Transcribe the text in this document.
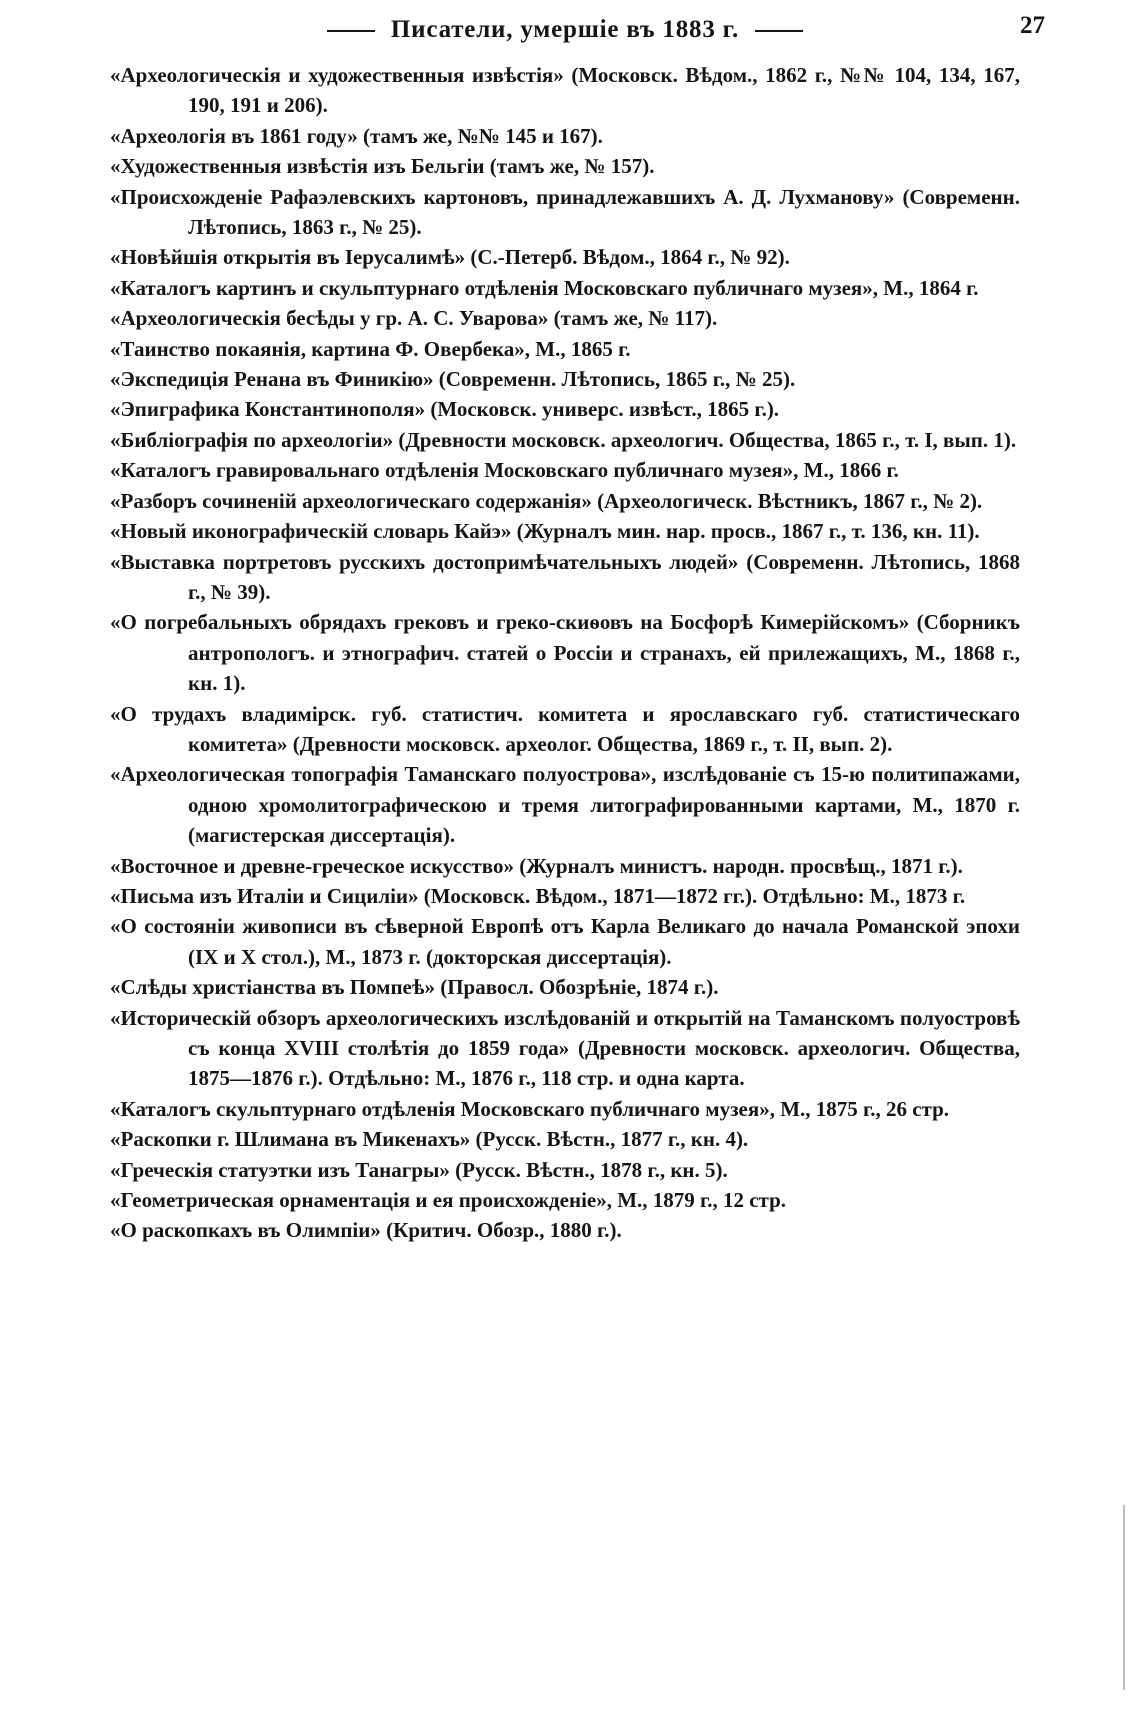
Писатели, умершіе въ 1883 г.	27

«Археологическія и художественныя извѣстія» (Московск. Вѣдом., 1862 г., №№ 104, 134, 167, 190, 191 и 206).

«Археологія въ 1861 году» (тамъ же, №№ 145 и 167).

«Художественныя извѣстія изъ Бельгіи (тамъ же, № 157).

«Происхожденіе Рафаэлевскихъ картоновъ, принадлежавшихъ А. Д. Лухманову» (Современн. Лѣтопись, 1863 г., № 25).

«Новѣйшія открытія въ Іерусалимѣ» (С.-Петерб. Вѣдом., 1864 г., № 92).

«Каталогъ картинъ и скульптурнаго отдѣленія Московскаго публичнаго музея», М., 1864 г.

«Археологическія бесѣды у гр. А. С. Уварова» (тамъ же, № 117).

«Таинство покаянія, картина Ф. Овербека», М., 1865 г.

«Экспедиція Ренана въ Финикію» (Современн. Лѣтопись, 1865 г., № 25).

«Эпиграфика Константинополя» (Московск. универс. извѣст., 1865 г.).

«Библіографія по археологіи» (Древности московск. археологич. Общества, 1865 г., т. I, вып. 1).

«Каталогъ гравировальнаго отдѣленія Московскаго публичнаго музея», М., 1866 г.

«Разборъ сочиненій археологическаго содержанія» (Археологическ. Вѣстникъ, 1867 г., № 2).

«Новый иконографическій словарь Кайэ» (Журналъ мин. нар. просв., 1867 г., т. 136, кн. 11).

«Выставка портретовъ русскихъ достопримѣчательныхъ людей» (Современн. Лѣтопись, 1868 г., № 39).

«О погребальныхъ обрядахъ грековъ и греко-скиѳовъ на Босфорѣ Кимерійскомъ» (Сборникъ антропологъ. и этнографич. статей о Россіи и странахъ, ей прилежащихъ, М., 1868 г., кн. 1).

«О трудахъ владимірск. губ. статистич. комитета и ярославскаго губ. статистическаго комитета» (Древности московск. археолог. Общества, 1869 г., т. II, вып. 2).

«Археологическая топографія Таманскаго полуострова», изслѣдованіе съ 15-ю политипажами, одною хромолитографическою и тремя литографированными картами, М., 1870 г. (магистерская диссертація).

«Восточное и древне-греческое искусство» (Журналъ министъ. народн. просвѣщ., 1871 г.).

«Письма изъ Италіи и Сициліи» (Московск. Вѣдом., 1871—1872 гг.). Отдѣльно: М., 1873 г.

«О состояніи живописи въ сѣверной Европѣ отъ Карла Великаго до начала Романской эпохи (IX и X стол.), М., 1873 г. (докторская диссертація).

«Слѣды христіанства въ Помпеѣ» (Правосл. Обозрѣніе, 1874 г.).

«Историческій обзоръ археологическихъ изслѣдованій и открытій на Таманскомъ полуостровѣ съ конца XVIII столѣтія до 1859 года» (Древности московск. археологич. Общества, 1875—1876 г.). Отдѣльно: М., 1876 г., 118 стр. и одна карта.

«Каталогъ скульптурнаго отдѣленія Московскаго публичнаго музея», М., 1875 г., 26 стр.

«Раскопки г. Шлимана въ Микенахъ» (Русск. Вѣстн., 1877 г., кн. 4).

«Греческія статуэтки изъ Танагры» (Русск. Вѣстн., 1878 г., кн. 5).

«Геометрическая орнаментація и ея происхожденіе», М., 1879 г., 12 стр.

«О раскопкахъ въ Олимпіи» (Критич. Обозр., 1880 г.).
